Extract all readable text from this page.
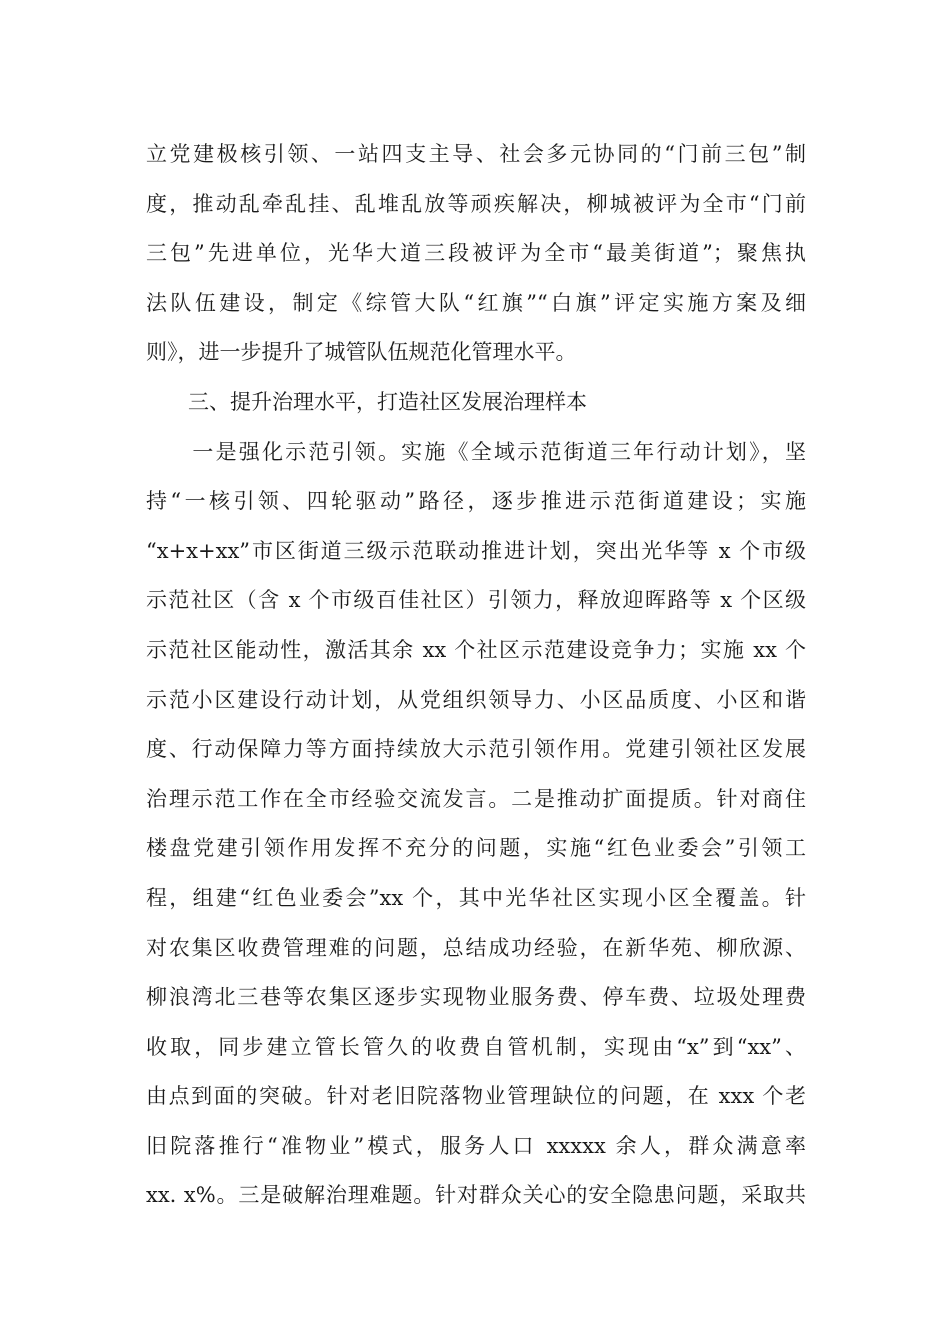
立党建极核引领、一站四支主导、社会多元协同的“门前三包”制
度，推动乱牵乱挂、乱堆乱放等顽疾解决，柳城被评为全市“门前
三包”先进单位，光华大道三段被评为全市“最美街道”；聚焦执
法队伍建设，制定《综管大队“红旗”“白旗”评定实施方案及细
则》，进一步提升了城管队伍规范化管理水平。
　　三、提升治理水平，打造社区发展治理样本
　　一是强化示范引领。实施《全域示范街道三年行动计划》，坚
持“一核引领、四轮驱动”路径，逐步推进示范街道建设；实施
“x+x+xx”市区街道三级示范联动推进计划，突出光华等 x 个市级
示范社区（含 x 个市级百佳社区）引领力，释放迎晖路等 x 个区级
示范社区能动性，激活其余 xx 个社区示范建设竞争力；实施 xx 个
示范小区建设行动计划，从党组织领导力、小区品质度、小区和谐
度、行动保障力等方面持续放大示范引领作用。党建引领社区发展
治理示范工作在全市经验交流发言。二是推动扩面提质。针对商住
楼盘党建引领作用发挥不充分的问题，实施“红色业委会”引领工
程，组建“红色业委会”xx 个，其中光华社区实现小区全覆盖。针
对农集区收费管理难的问题，总结成功经验，在新华苑、柳欣源、
柳浪湾北三巷等农集区逐步实现物业服务费、停车费、垃圾处理费
收取，同步建立管长管久的收费自管机制，实现由“x”到“xx”、
由点到面的突破。针对老旧院落物业管理缺位的问题，在 xxx 个老
旧院落推行“准物业”模式，服务人口 xxxxx 余人，群众满意率
xx. x%。三是破解治理难题。针对群众关心的安全隐患问题，采取共
